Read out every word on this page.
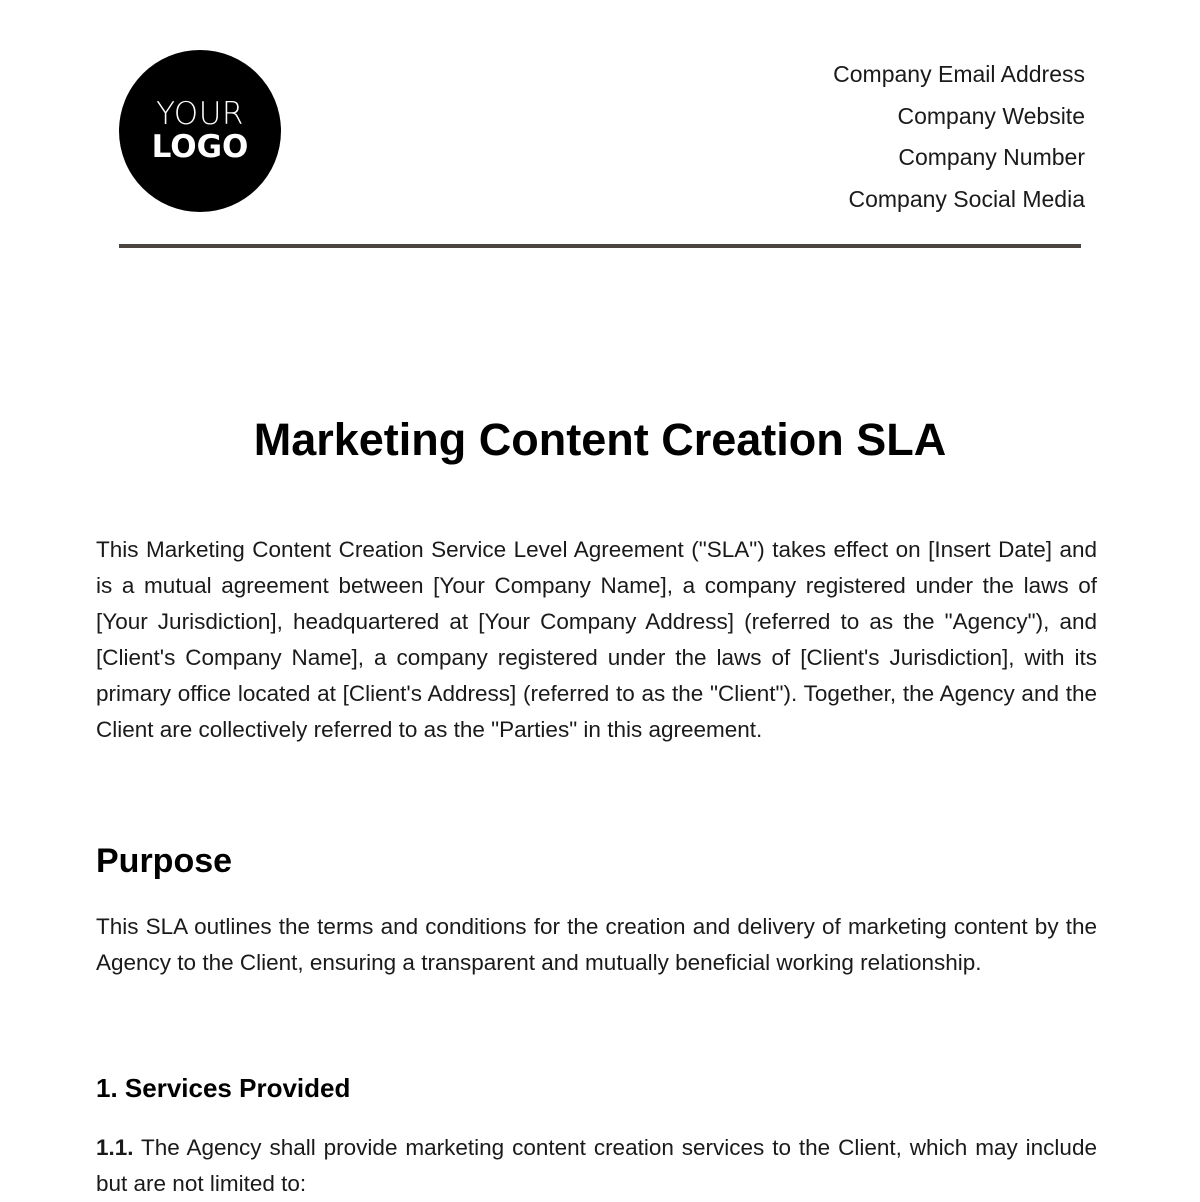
YOUR
LOGO
Company Email Address
Company Website
Company Number
Company Social Media
Marketing Content Creation SLA

This Marketing Content Creation Service Level Agreement ("SLA") takes effect on [Insert Date] and is a mutual agreement between [Your Company Name], a company registered under the laws of [Your Jurisdiction], headquartered at [Your Company Address] (referred to as the "Agency"), and [Client's Company Name], a company registered under the laws of [Client's Jurisdiction], with its primary office located at [Client's Address] (referred to as the "Client"). Together, the Agency and the Client are collectively referred to as the "Parties" in this agreement.

Purpose

This SLA outlines the terms and conditions for the creation and delivery of marketing content by the Agency to the Client, ensuring a transparent and mutually beneficial working relationship.

1. Services Provided

1.1. The Agency shall provide marketing content creation services to the Client, which may include but are not limited to:
